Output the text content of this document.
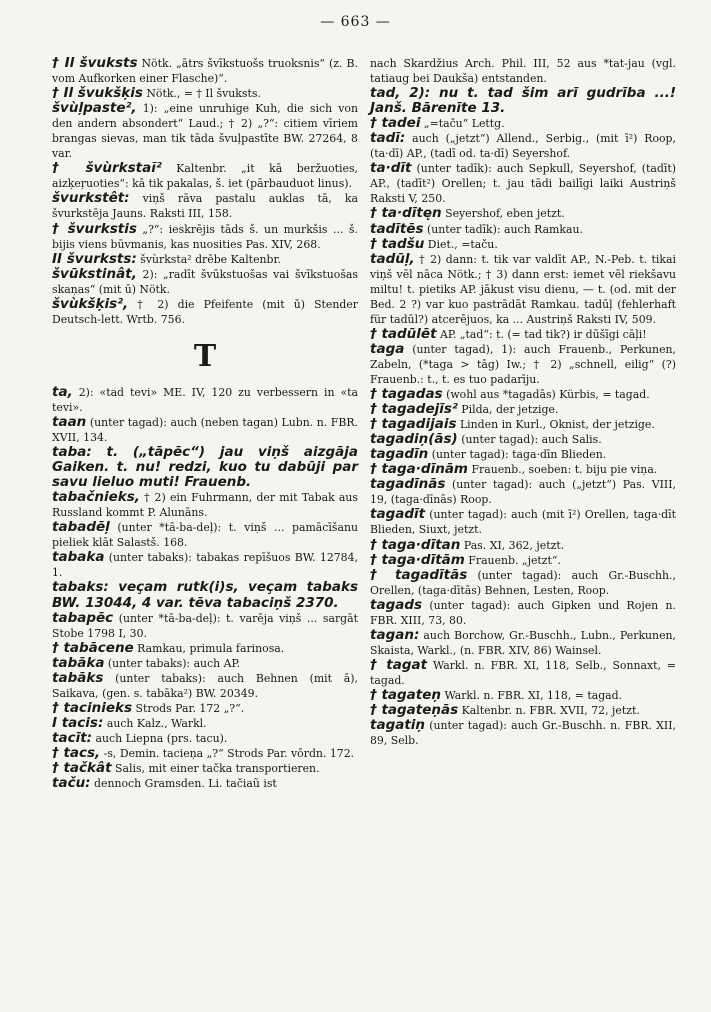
— 663 —

† Il švuksts Nötk. „ātrs švīkstuošs truoksnis“ (z. B. vom Aufkorken einer Flasche)“.

† Il švukšķis Nötk., = † Il švuksts.

švùļpaste², 1): „eine unruhige Kuh, die sich von den andern absondert“ Laud.; † 2) „?“: citiem vīriem brangas sievas, man tik tāda švuļpastīte BW. 27264, 8 var.

† švùrkstaĩ² Kaltenbr. „it kā beržuoties, aizķeŗuoties“: kā tik pakalas, š. iet (pārbauduot linus).

švurkstêt: viņš rāva pastalu auklas tā, ka švurkstēja Jauns. Raksti III, 158.

† švurkstis „?“: ieskrējis tāds š. un murkšis ... š. bijis viens būvmanis, kas nuosities Pas. XIV, 268.

II švurksts: švùrksta² drēbe Kaltenbr.

švūkstinât, 2): „radīt švūkstuošas vai švīkstuošas skaņas“ (mit ū) Nötk.

švùkšķis², † 2) die Pfeifente (mit ū) Stender Deutsch-lett. Wrtb. 756.

T

ta, 2): «tad tevi» ME. IV, 120 zu verbessern in «ta tevi».

taan (unter tagad): auch (neben tagan) Lubn. n. FBR. XVII, 134.

taba: t. („tāpēc“) jau viņš aizgāja Gaiken. t. nu! redzi, kuo tu dabūji par savu lieluo muti! Frauenb.

tabačnieks, † 2) ein Fuhrmann, der mit Tabak aus Russland kommt P. Alunāns.

tabadēļ (unter *tā-ba-deļ): t. viņš ... pamācīšanu pieliek klāt Salastš. 168.

tabaka (unter tabaks): tabakas repīšuos BW. 12784, 1.

tabaks: veçam rutk(i)s, veçam tabaks BW. 13044, 4 var. tēva tabaciņš 2370.

tabapēc (unter *tā-ba-deļ): t. varēja viņš ... sargāt Stobe 1798 I, 30.

† tabācene Ramkau, primula farinosa.

tabāka (unter tabaks): auch AP.

tabāks (unter tabaks): auch Behnen (mit ā), Saikava, (gen. s. tabāka²) BW. 20349.

† tacinieks Strods Par. 172 „?“.

I tacis: auch Kalz., Warkl.

tacīt: auch Liepna (prs. tacu).

† tacs, -s, Demin. tacieņa „?“ Strods Par. vōrdn. 172.

† tačkât Salis, mit einer tačka transportieren.

taču: dennoch Gramsden. Li. tačiaũ ist

nach Skardžius Arch. Phil. III, 52 aus *tat-jau (vgl. tatiaug bei Daukša) entstanden.

tad, 2): nu t. tad šim arī gudrība ...! Janš. Bārenīte 13.

† tadei „=taču“ Lettg.

tadī: auch („jetzt“) Allend., Serbig., (mit ī²) Roop, (ta·dī) AP., (tadī od. ta·dī) Seyershof.

ta·dīt (unter tadīk): auch Sepkull, Seyershof, (tadīt) AP., (tadīt²) Orellen; t. jau tādi bailīgi laiki Austriņš Raksti V, 250.

† ta·dītęn Seyershof, eben jetzt.

tadītēs (unter tadīk): auch Ramkau.

† tadšu Diet., =taču.

tadūļ, † 2) dann: t. tik var valdīt AP., N.-Peb. t. tikai viņš vēl nāca Nötk.; † 3) dann erst: iemet vēl riekšavu miltu! t. pietiks AP. jākust visu dienu, — t. (od. mit der Bed. 2 ?) var kuo pastrādāt Ramkau. tadūļ (fehlerhaft für tadūl?) atcerējuos, ka ... Austriņš Raksti IV, 509.

† tadūlēt AP. „tad“: t. (= tad tik?) ir dūšīgi cāļi!

taga (unter tagad), 1): auch Frauenb., Perkunen, Zabeln, (*taga > tāg) Iw.; † 2) „schnell, eilig“ (?) Frauenb.: t., t. es tuo padarīju.

† tagadas (wohl aus *tagadās) Kürbis, = tagad.

† tagadejīs² Pilda, der jetzige.

† tagadijais Linden in Kurl., Oknist, der jetzige.

tagadiņ(ās) (unter tagad): auch Salis.

tagadīn (unter tagad): taga·dīn Blieden.

† taga·dīnām Frauenb., soeben: t. biju pie viņa.

tagadīnās (unter tagad): auch („jetzt“) Pas. VIII, 19, (taga·dīnās) Roop.

tagadīt (unter tagad): auch (mit ī²) Orellen, taga·dīt Blieden, Siuxt, jetzt.

† taga·dītan Pas. XI, 362, jetzt.

† taga·dītām Frauenb. „jetzt“.

† tagadītās (unter tagad): auch Gr.-Buschh., Orellen, (taga·dītās) Behnen, Lesten, Roop.

tagads (unter tagad): auch Gipken und Rojen n. FBR. XIII, 73, 80.

tagan: auch Borchow, Gr.-Buschh., Lubn., Perkunen, Skaista, Warkl., (n. FBR. XIV, 86) Wainsel.

† tagat Warkl. n. FBR. XI, 118, Selb., Sonnaxt, = tagad.

† tagateņ Warkl. n. FBR. XI, 118, = tagad.

† tagateņās Kaltenbr. n. FBR. XVII, 72, jetzt.

tagatiņ (unter tagad): auch Gr.-Buschh. n. FBR. XII, 89, Selb.
